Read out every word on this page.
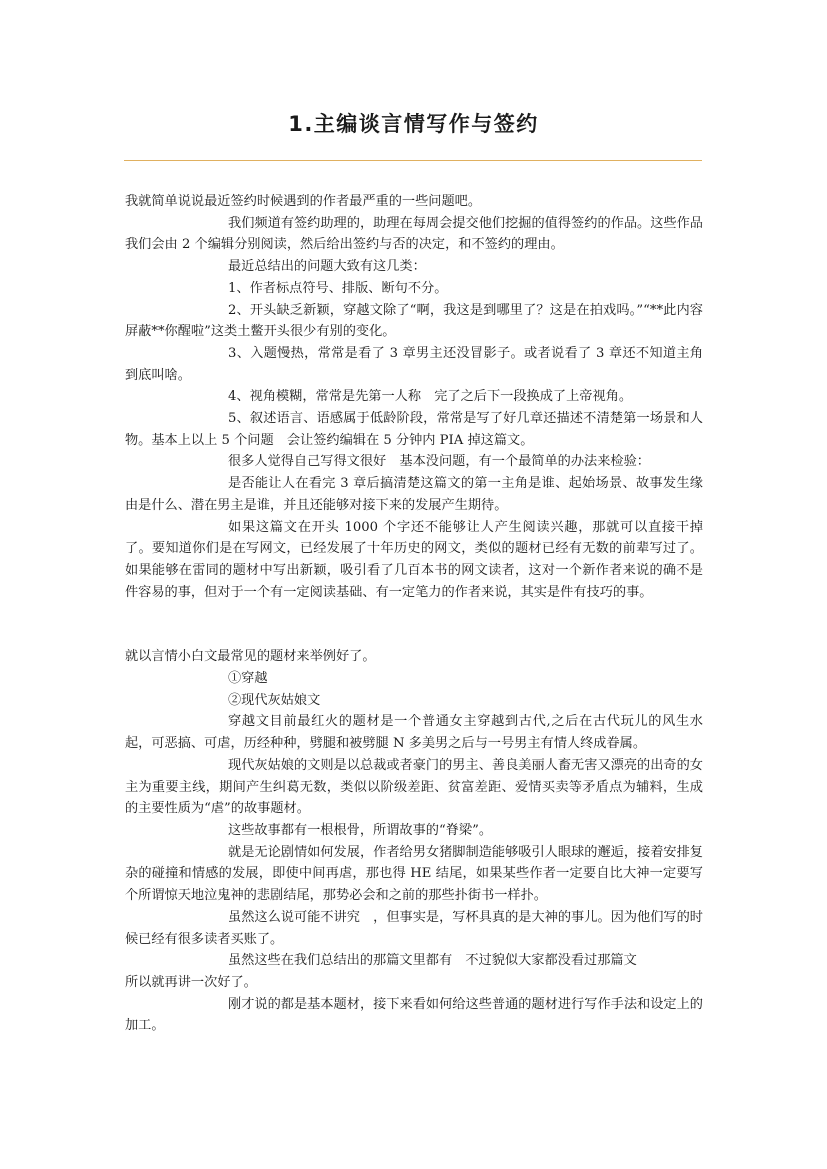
1.主编谈言情写作与签约

我就简单说说最近签约时候遇到的作者最严重的一些问题吧。

我们频道有签约助理的，助理在每周会提交他们挖掘的值得签约的作品。这些作品我们会由 2 个编辑分别阅读，然后给出签约与否的决定，和不签约的理由。

最近总结出的问题大致有这几类：

1、作者标点符号、排版、断句不分。

2、开头缺乏新颖，穿越文除了“啊，我这是到哪里了？这是在拍戏吗。”“**此内容屏蔽**你醒啦”这类土鳖开头很少有别的变化。

3、入题慢热，常常是看了 3 章男主还没冒影子。或者说看了 3 章还不知道主角到底叫啥。

4、视角模糊，常常是先第一人称　完了之后下一段换成了上帝视角。

5、叙述语言、语感属于低龄阶段，常常是写了好几章还描述不清楚第一场景和人物。基本上以上 5 个问题　会让签约编辑在 5 分钟内 PIA 掉这篇文。

很多人觉得自己写得文很好　基本没问题，有一个最简单的办法来检验：

是否能让人在看完 3 章后搞清楚这篇文的第一主角是谁、起始场景、故事发生缘由是什么、潜在男主是谁，并且还能够对接下来的发展产生期待。

如果这篇文在开头 1000 个字还不能够让人产生阅读兴趣，那就可以直接干掉了。要知道你们是在写网文，已经发展了十年历史的网文，类似的题材已经有无数的前辈写过了。如果能够在雷同的题材中写出新颖，吸引看了几百本书的网文读者，这对一个新作者来说的确不是件容易的事，但对于一个有一定阅读基础、有一定笔力的作者来说，其实是件有技巧的事。

就以言情小白文最常见的题材来举例好了。

①穿越

②现代灰姑娘文

穿越文目前最红火的题材是一个普通女主穿越到古代,之后在古代玩儿的风生水起，可恶搞、可虐，历经种种，劈腿和被劈腿 N 多美男之后与一号男主有情人终成眷属。

现代灰姑娘的文则是以总裁或者豪门的男主、善良美丽人畜无害又漂亮的出奇的女主为重要主线，期间产生纠葛无数，类似以阶级差距、贫富差距、爱情买卖等矛盾点为辅料，生成的主要性质为“虐”的故事题材。

这些故事都有一根根骨，所谓故事的“脊梁”。

就是无论剧情如何发展，作者给男女猪脚制造能够吸引人眼球的邂逅，接着安排复杂的碰撞和情感的发展，即使中间再虐，那也得 HE 结尾，如果某些作者一定要自比大神一定要写个所谓惊天地泣鬼神的悲剧结尾，那势必会和之前的那些扑街书一样扑。

虽然这么说可能不讲究　，但事实是，写杯具真的是大神的事儿。因为他们写的时候已经有很多读者买账了。

虽然这些在我们总结出的那篇文里都有　不过貌似大家都没看过那篇文

所以就再讲一次好了。

刚才说的都是基本题材，接下来看如何给这些普通的题材进行写作手法和设定上的加工。
